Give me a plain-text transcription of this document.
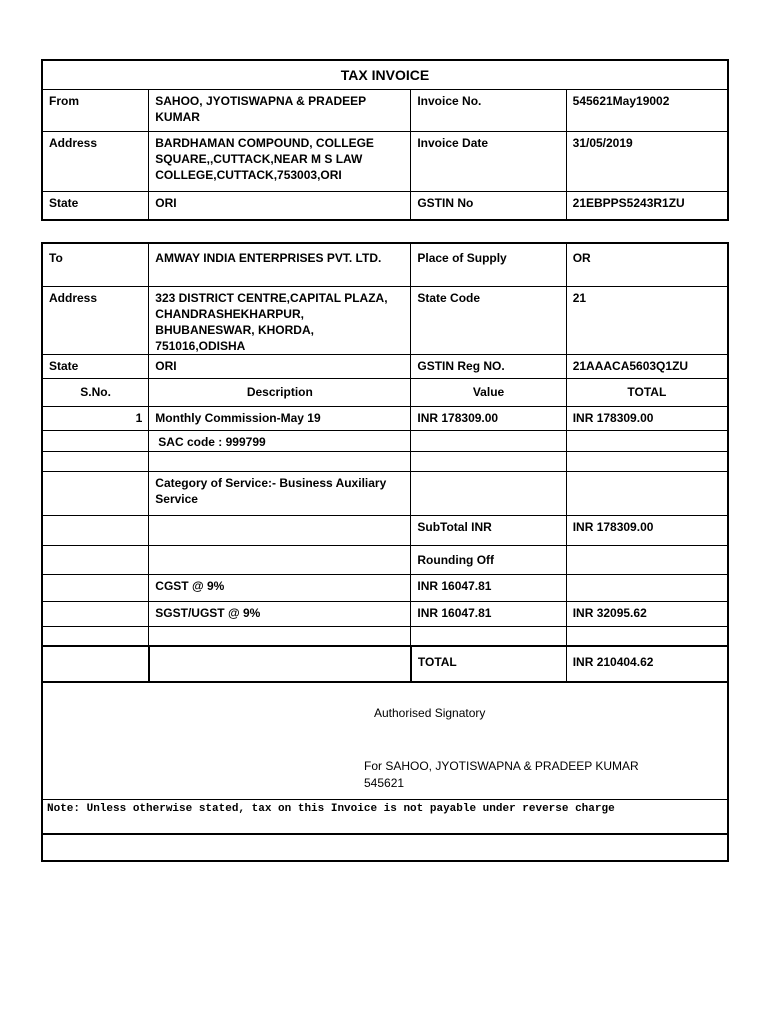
TAX INVOICE			
From	SAHOO, JYOTISWAPNA & PRADEEP KUMAR	Invoice No.	545621May19002
Address	BARDHAMAN COMPOUND, COLLEGE SQUARE,,CUTTACK,NEAR M S LAW COLLEGE,CUTTACK,753003,ORI	Invoice Date	31/05/2019
State	ORI	GSTIN No	21EBPPS5243R1ZU
To	AMWAY INDIA ENTERPRISES PVT. LTD.	Place of Supply	OR
Address	323 DISTRICT CENTRE,CAPITAL PLAZA, CHANDRASHEKHARPUR, BHUBANESWAR, KHORDA, 751016,ODISHA	State Code	21
State	ORI	GSTIN Reg NO.	21AAACA5603Q1ZU
S.No.	Description	Value	TOTAL
1	Monthly Commission-May 19	INR 178309.00	INR 178309.00
	SAC code : 999799		

	Category of Service:- Business Auxiliary Service		
		SubTotal INR	INR 178309.00
		Rounding Off	
	CGST @ 9%	INR 16047.81	
	SGST/UGST @ 9%	INR 16047.81	INR 32095.62

		TOTAL	INR 210404.62

Authorised Signatory
For SAHOO, JYOTISWAPNA & PRADEEP KUMAR
545621			

Note: Unless otherwise stated, tax on this Invoice is not payable under reverse charge			
